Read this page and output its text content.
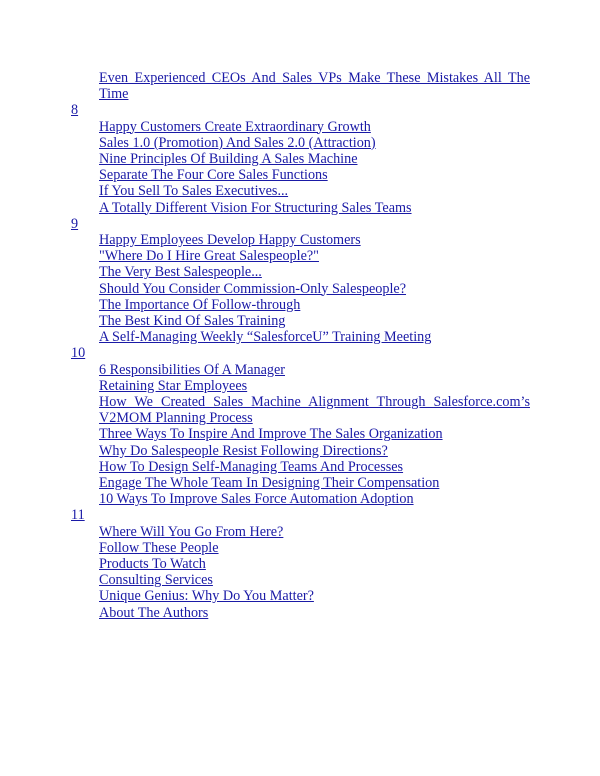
Even Experienced CEOs And Sales VPs Make These Mistakes All The Time
8
Happy Customers Create Extraordinary Growth
Sales 1.0 (Promotion) And Sales 2.0 (Attraction)
Nine Principles Of Building A Sales Machine
Separate The Four Core Sales Functions
If You Sell To Sales Executives...
A Totally Different Vision For Structuring Sales Teams
9
Happy Employees Develop Happy Customers
"Where Do I Hire Great Salespeople?"
The Very Best Salespeople...
Should You Consider Commission-Only Salespeople?
The Importance Of Follow-through
The Best Kind Of Sales Training
A Self-Managing Weekly “SalesforceU” Training Meeting
10
6 Responsibilities Of A Manager
Retaining Star Employees
How We Created Sales Machine Alignment Through Salesforce.com’s V2MOM Planning Process
Three Ways To Inspire And Improve The Sales Organization
Why Do Salespeople Resist Following Directions?
How To Design Self-Managing Teams And Processes
Engage The Whole Team In Designing Their Compensation
10 Ways To Improve Sales Force Automation Adoption
11
Where Will You Go From Here?
Follow These People
Products To Watch
Consulting Services
Unique Genius: Why Do You Matter?
About The Authors
